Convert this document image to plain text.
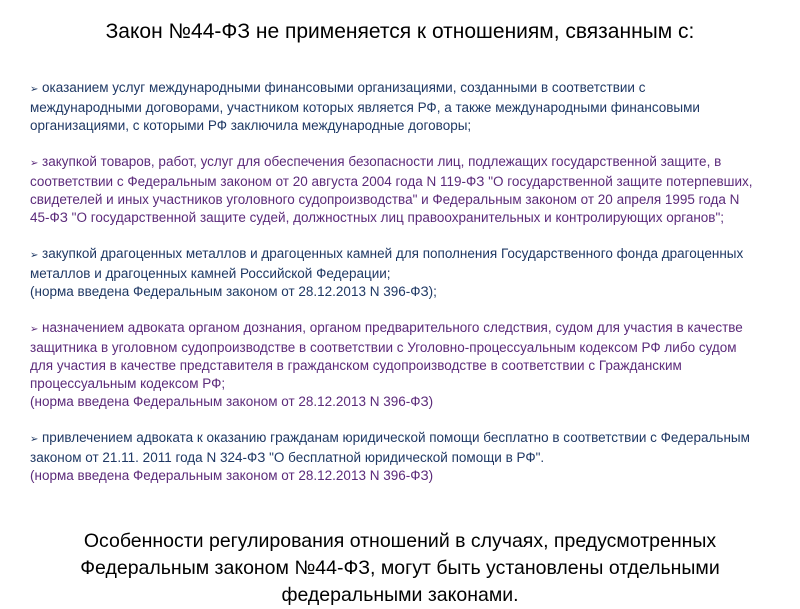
Закон №44-ФЗ не применяется к отношениям, связанным с:
➢ оказанием услуг международными финансовыми организациями, созданными в соответствии с международными договорами, участником которых является РФ, а также международными финансовыми организациями, с которыми РФ заключила международные договоры;
➢ закупкой товаров, работ, услуг для обеспечения безопасности лиц, подлежащих государственной защите, в соответствии с Федеральным законом от 20 августа 2004 года N 119-ФЗ "О государственной защите потерпевших, свидетелей и иных участников уголовного судопроизводства" и Федеральным законом от 20 апреля 1995 года N 45-ФЗ "О государственной защите судей, должностных лиц правоохранительных и контролирующих органов";
➢ закупкой драгоценных металлов и драгоценных камней для пополнения Государственного фонда драгоценных металлов и драгоценных камней Российской Федерации;
(норма введена Федеральным законом от 28.12.2013 N 396-ФЗ);
➢ назначением адвоката органом дознания, органом предварительного следствия, судом для участия в качестве защитника в уголовном судопроизводстве в соответствии с Уголовно-процессуальным кодексом РФ либо судом для участия в качестве представителя в гражданском судопроизводстве в соответствии с Гражданским процессуальным кодексом РФ;
(норма введена Федеральным законом от 28.12.2013 N 396-ФЗ)
➢ привлечением адвоката к оказанию гражданам юридической помощи бесплатно в соответствии с Федеральным законом от 21.11. 2011 года N 324-ФЗ "О бесплатной юридической помощи в РФ".
(норма введена Федеральным законом от 28.12.2013 N 396-ФЗ)
Особенности регулирования отношений в случаях, предусмотренных Федеральным законом №44-ФЗ, могут быть установлены отдельными федеральными законами.
